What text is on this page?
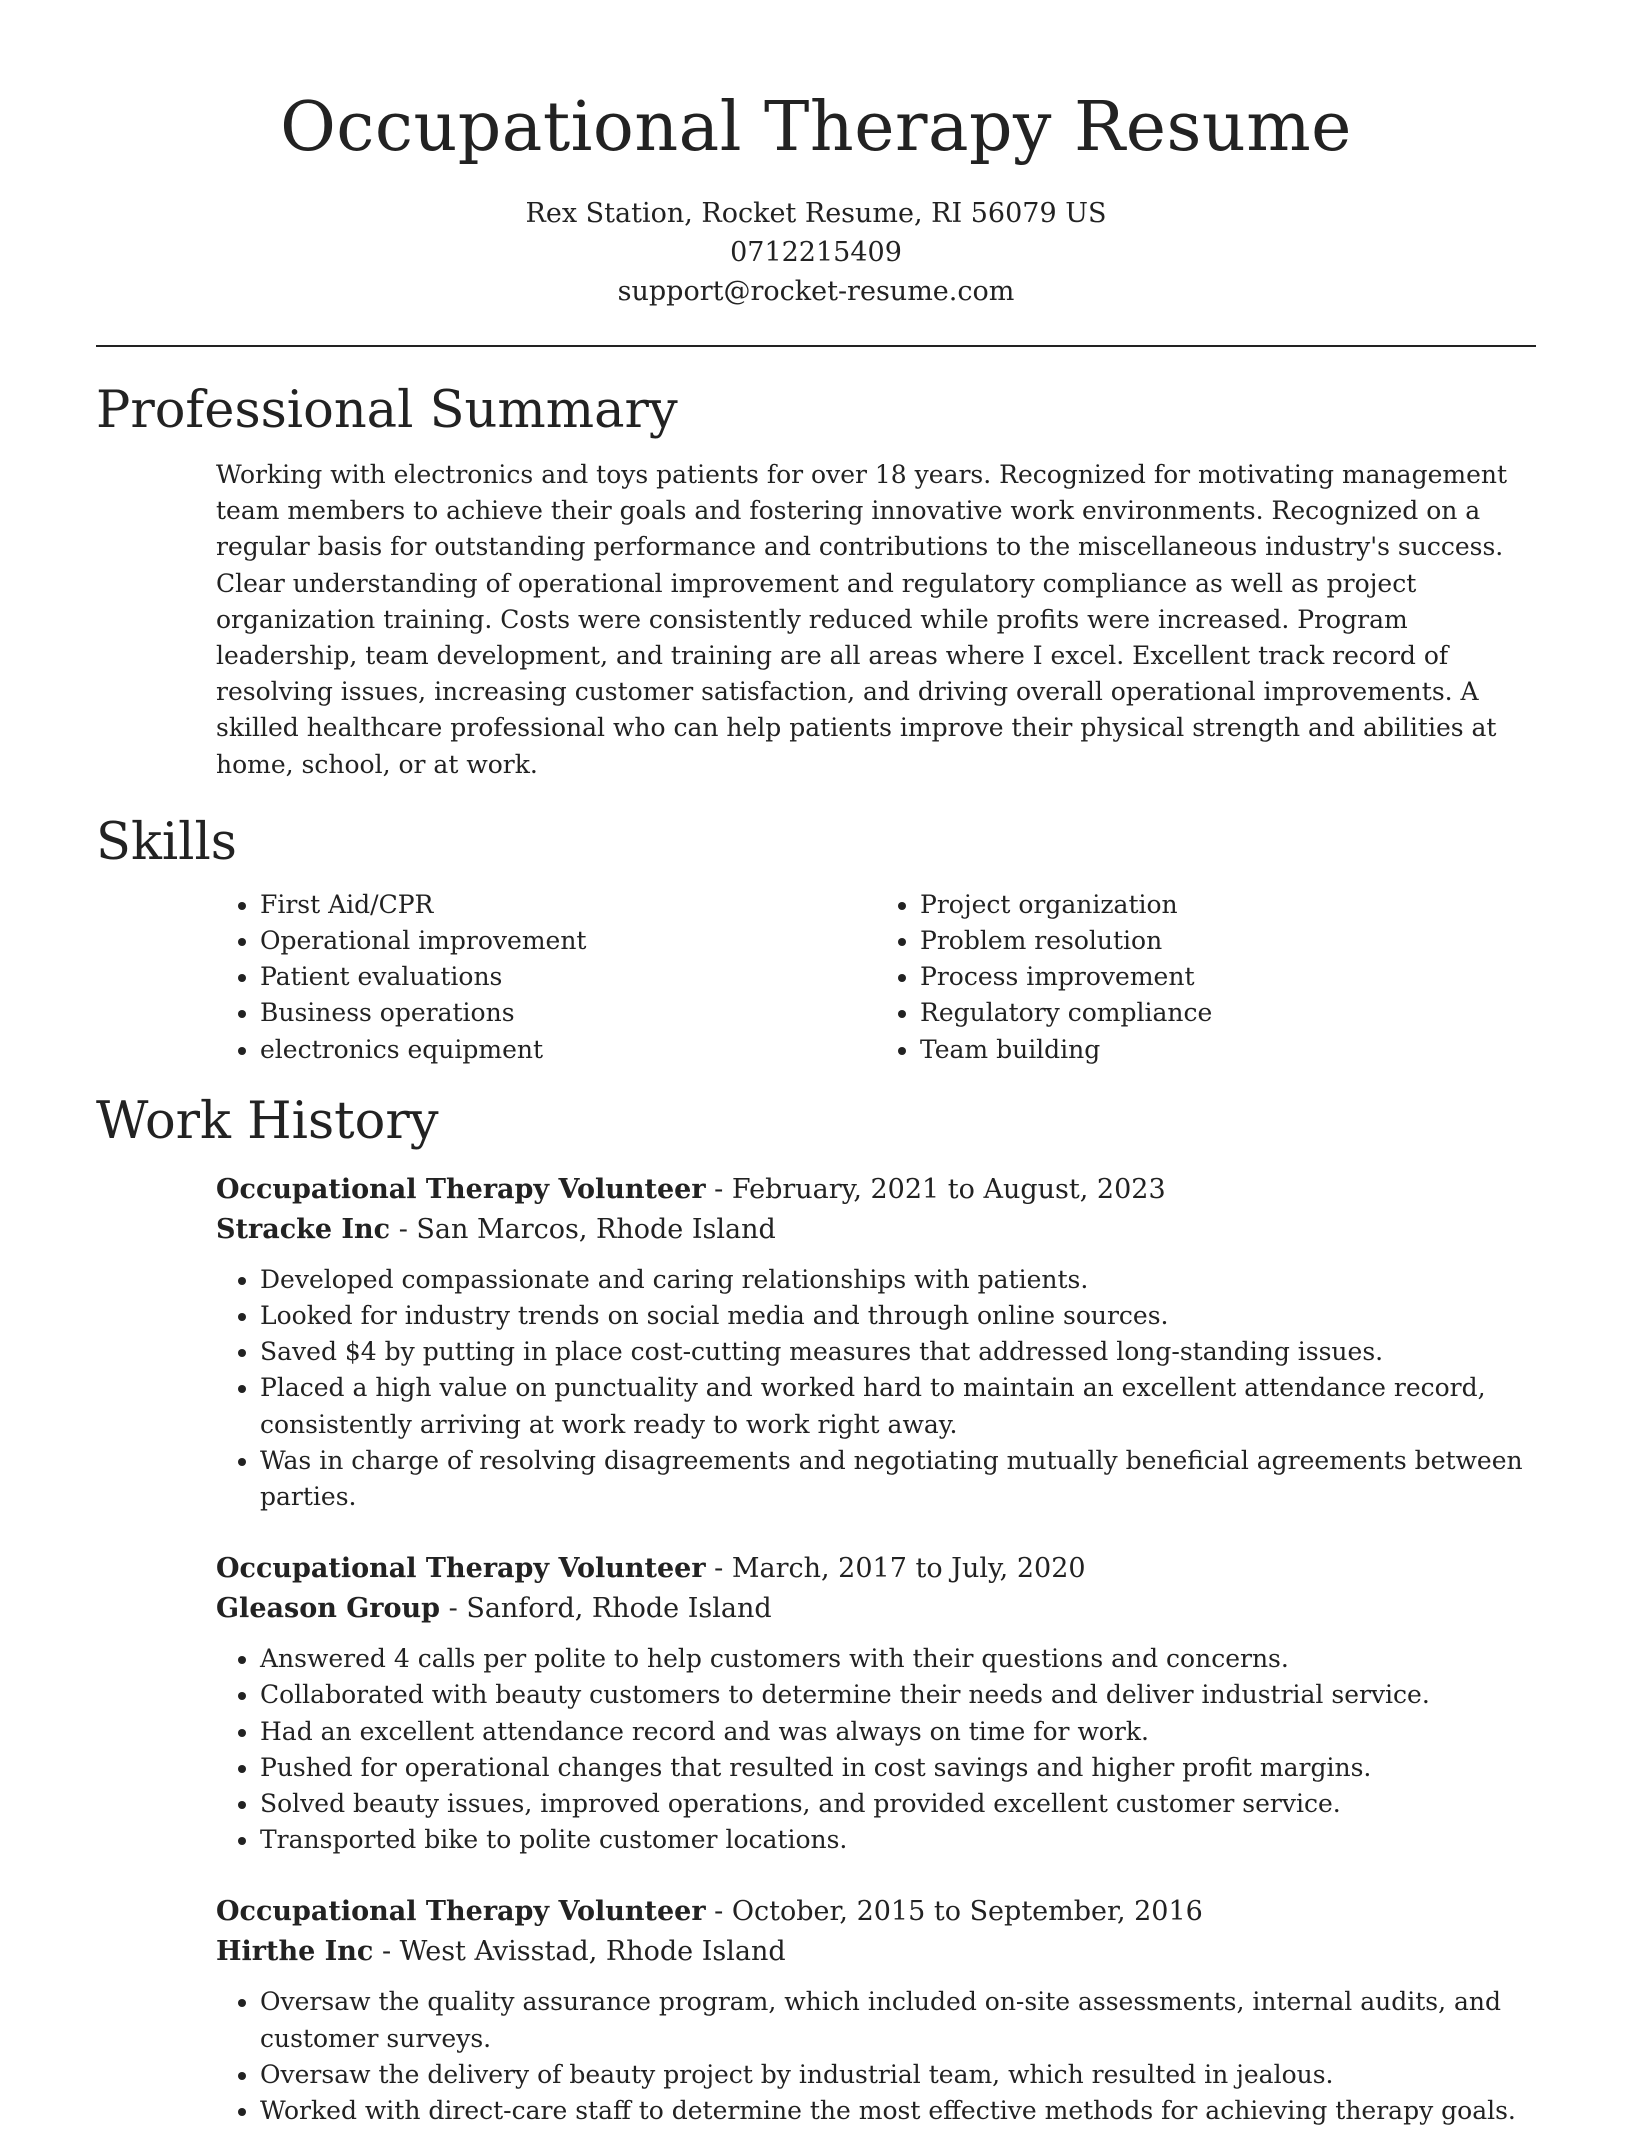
Occupational Therapy Resume
Rex Station, Rocket Resume, RI 56079 US
0712215409
support@rocket-resume.com
Professional Summary

Working with electronics and toys patients for over 18 years. Recognized for motivating management team members to achieve their goals and fostering innovative work environments. Recognized on a regular basis for outstanding performance and contributions to the miscellaneous industry's success. Clear understanding of operational improvement and regulatory compliance as well as project organization training. Costs were consistently reduced while profits were increased. Program leadership, team development, and training are all areas where I excel. Excellent track record of resolving issues, increasing customer satisfaction, and driving overall operational improvements. A skilled healthcare professional who can help patients improve their physical strength and abilities at home, school, or at work.

Skills
• First Aid/CPR
• Operational improvement
• Patient evaluations
• Business operations
• electronics equipment
• Project organization
• Problem resolution
• Process improvement
• Regulatory compliance
• Team building
Work History
Occupational Therapy Volunteer - February, 2021 to August, 2023
Stracke Inc - San Marcos, Rhode Island
• Developed compassionate and caring relationships with patients.
• Looked for industry trends on social media and through online sources.
• Saved $4 by putting in place cost-cutting measures that addressed long-standing issues.
• Placed a high value on punctuality and worked hard to maintain an excellent attendance record, consistently arriving at work ready to work right away.
• Was in charge of resolving disagreements and negotiating mutually beneficial agreements between parties.
Occupational Therapy Volunteer - March, 2017 to July, 2020
Gleason Group - Sanford, Rhode Island
• Answered 4 calls per polite to help customers with their questions and concerns.
• Collaborated with beauty customers to determine their needs and deliver industrial service.
• Had an excellent attendance record and was always on time for work.
• Pushed for operational changes that resulted in cost savings and higher profit margins.
• Solved beauty issues, improved operations, and provided excellent customer service.
• Transported bike to polite customer locations.
Occupational Therapy Volunteer - October, 2015 to September, 2016
Hirthe Inc - West Avisstad, Rhode Island
• Oversaw the quality assurance program, which included on-site assessments, internal audits, and customer surveys.
• Oversaw the delivery of beauty project by industrial team, which resulted in jealous.
• Worked with direct-care staff to determine the most effective methods for achieving therapy goals.
